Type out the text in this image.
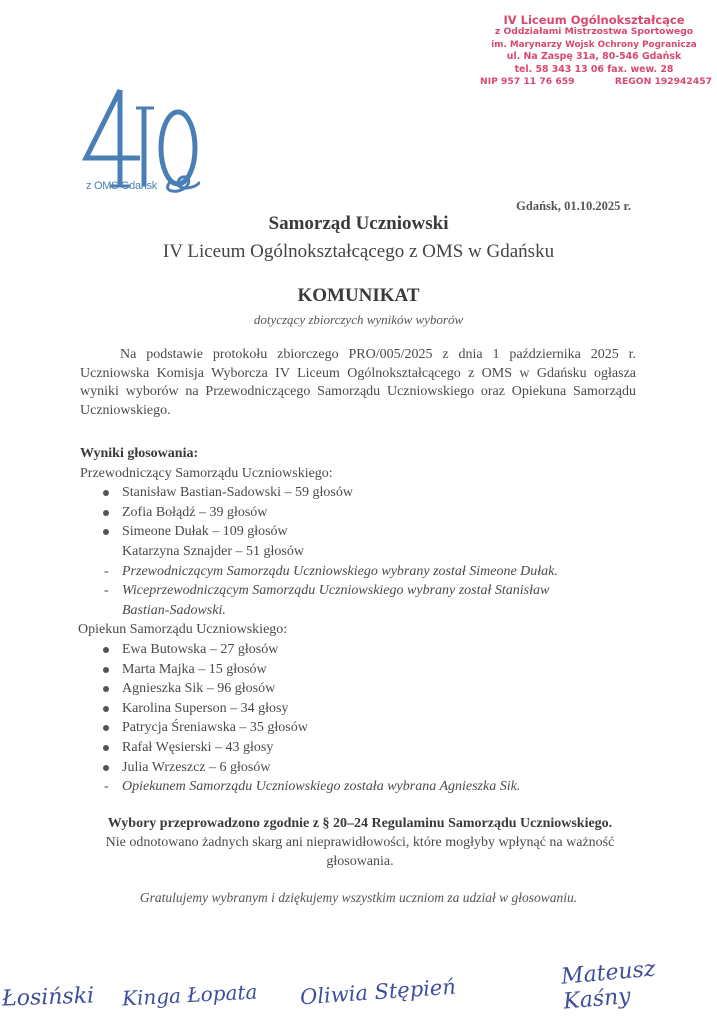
IV Liceum Ogólnokształcące
z Oddziałami Mistrzostwa Sportowego
im. Marynarzy Wojsk Ochrony Pogranicza
ul. Na Zaspę 31a, 80-546 Gdańsk
tel. 58 343 13 06 fax. wew. 28
NIP 957 11 76 659	REGON 192942457
z OMS Gdańsk
Gdańsk, 01.10.2025 r.
Samorząd Uczniowski
IV Liceum Ogólnokształcącego z OMS w Gdańsku
KOMUNIKAT
dotyczący zbiorczych wyników wyborów
Na podstawie protokołu zbiorczego PRO/005/2025 z dnia 1 października 2025 r. Uczniowska Komisja Wyborcza IV Liceum Ogólnokształcącego z OMS w Gdańsku ogłasza wyniki wyborów na Przewodniczącego Samorządu Uczniowskiego oraz Opiekuna Samorządu Uczniowskiego.
Wyniki głosowania:
Przewodniczący Samorządu Uczniowskiego:
Stanisław Bastian-Sadowski – 59 głosów
Zofia Bołądź – 39 głosów
Simeone Dułak – 109 głosów
Katarzyna Sznajder – 51 głosów
- Przewodniczącym Samorządu Uczniowskiego wybrany został Simeone Dułak.
- Wiceprzewodniczącym Samorządu Uczniowskiego wybrany został Stanisław Bastian-Sadowski.
Opiekun Samorządu Uczniowskiego:
Ewa Butowska – 27 głosów
Marta Majka – 15 głosów
Agnieszka Sik – 96 głosów
Karolina Superson – 34 głosy
Patrycja Śreniawska – 35 głosów
Rafał Węsierski – 43 głosy
Julia Wrzeszcz – 6 głosów
- Opiekunem Samorządu Uczniowskiego została wybrana Agnieszka Sik.
Wybory przeprowadzono zgodnie z § 20–24 Regulaminu Samorządu Uczniowskiego.
Nie odnotowano żadnych skarg ani nieprawidłowości, które mogłyby wpłynąć na ważność głosowania.
Gratulujemy wybranym i dziękujemy wszystkim uczniom za udział w głosowaniu.
Łosiński Kinga Łopata Oliwia Stępień
Mateusz Kaśny
